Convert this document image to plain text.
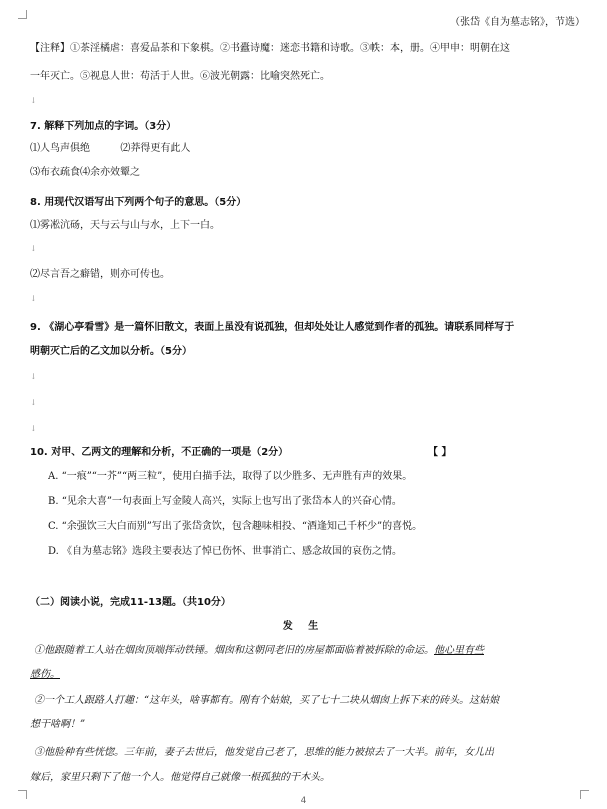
（张岱《自为墓志铭》，节选）
【注释】①茶淫橘虐：喜爱品茶和下象棋。②书蠹诗魔：迷恋书籍和诗歌。③帙：本，册。④甲申：明朝在这
一年灭亡。⑤视息人世：苟活于人世。⑥波光朝露：比喻突然死亡。
↓
7. 解释下列加点的字词。（3分）
⑴人鸟声俱绝	⑵莽得更有此人
⑶布衣疏食⑷余亦效颦之
8. 用现代汉语写出下列两个句子的意思。（5分）
⑴雾凇沆砀，天与云与山与水，上下一白。
↓
⑵尽言吾之癖错，则亦可传也。
↓
9. 《湖心亭看雪》是一篇怀旧散文，表面上虽没有说孤独，但却处处让人感觉到作者的孤独。请联系同样写于
明朝灭亡后的乙文加以分析。（5分）
↓
↓
↓
10. 对甲、乙两文的理解和分析，不正确的一项是（2分）	【 】
A. “一痕”“一芥”“两三粒”，使用白描手法，取得了以少胜多、无声胜有声的效果。
B. “见余大喜”一句表面上写金陵人高兴，实际上也写出了张岱本人的兴奋心情。
C. “余强饮三大白而别”写出了张岱贪饮，包含趣味相投、“酒逢知己千杯少”的喜悦。
D. 《自为墓志铭》选段主要表达了悼已伤怀、世事消亡、感念故国的哀伤之情。
（二）阅读小说，完成11-13题。（共10分）
发 生
①他跟随着工人站在烟囱顶端挥动铁锤。烟囱和这朝同老旧的房屋都面临着被拆除的命运。他心里有些
感伤。
②一个工人跟路人打趣：“这年头，啥事都有。刚有个姑娘，买了七十二块从烟囱上拆下来的砖头。这姑娘
想干啥啊！”
③他脸种有些恍惚。三年前，妻子去世后，他发觉自己老了，思维的能力被掠去了一大半。前年，女儿出
嫁后，家里只剩下了他一个人。他觉得自己就像一根孤独的干木头。
4
